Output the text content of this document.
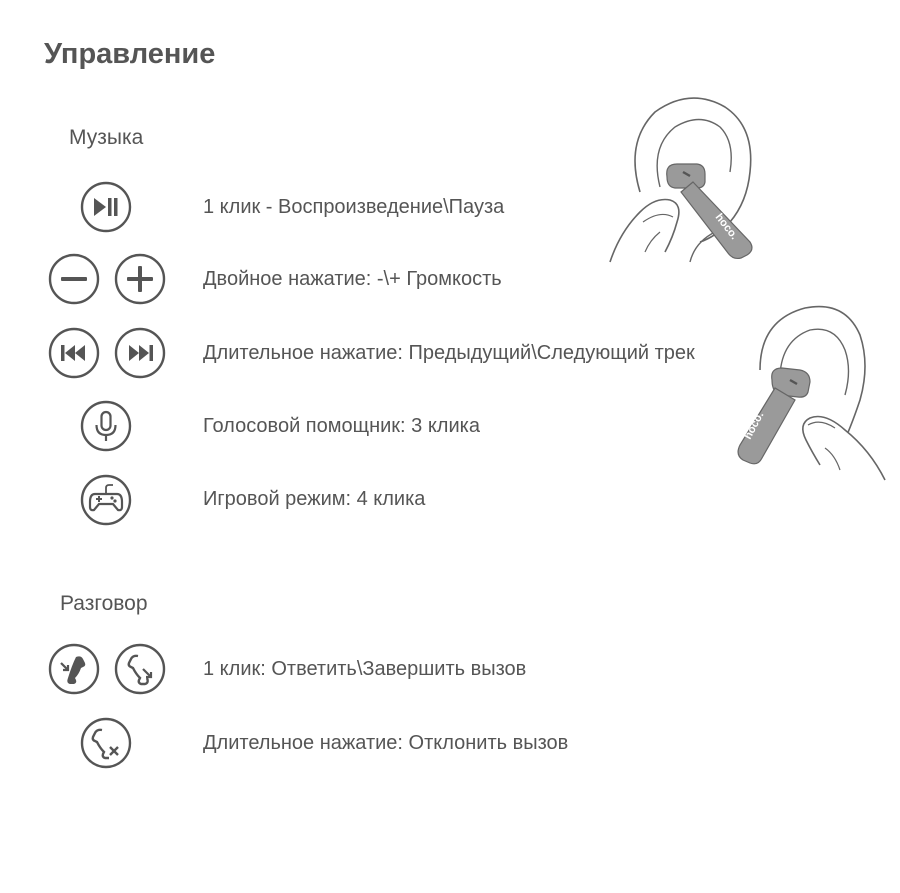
Управление
Музыка
1 клик - Воспроизведение\Пауза
Двойное нажатие: -\+ Громкость
Длительное нажатие: Предыдущий\Следующий трек
Голосовой помощник: 3 клика
Игровой режим: 4 клика
Разговор
1 клик: Ответить\Завершить вызов
Длительное нажатие: Отклонить вызов
hoco.
hoco.
